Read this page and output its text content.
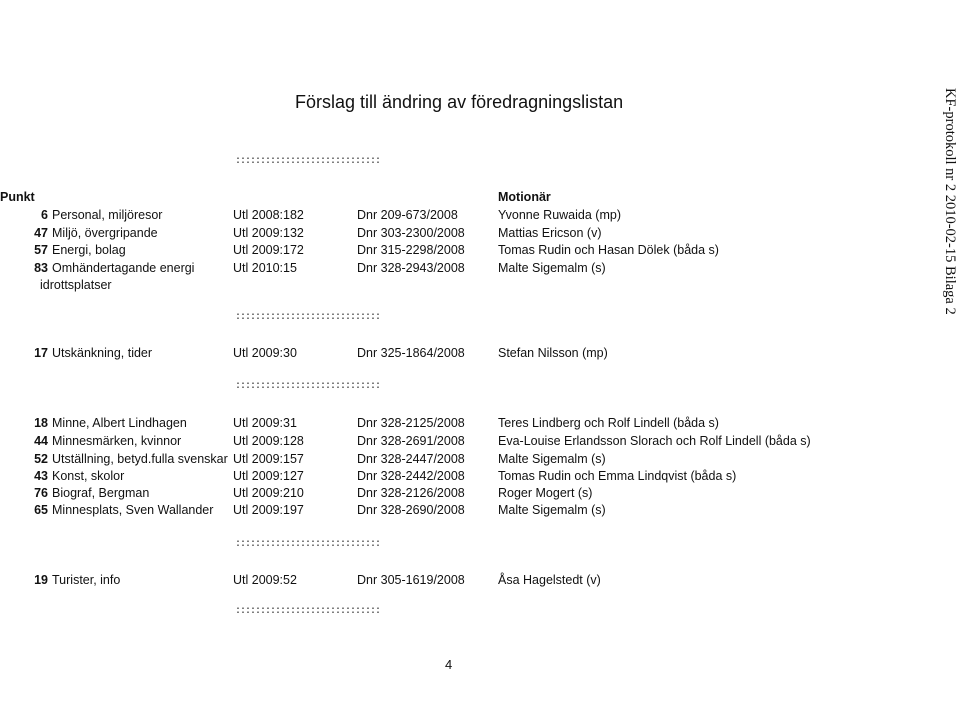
Förslag till ändring av föredragningslistan	KF-protokoll nr 2 2010-02-15 Bilaga 2
:::::::::::::::::::::::::::::
Punkt	Motionär
6 Personal, miljöresor	Utl 2008:182	Dnr 209-673/2008	Yvonne Ruwaida (mp)
47 Miljö, övergripande	Utl 2009:132	Dnr 303-2300/2008	Mattias Ericson (v)
57 Energi, bolag	Utl 2009:172	Dnr 315-2298/2008	Tomas Rudin och Hasan Dölek (båda s)
83 Omhändertagande energi
idrottsplatser
Utl 2010:15	Dnr 328-2943/2008	Malte Sigemalm (s)
:::::::::::::::::::::::::::::
17 Utskänkning, tider	Utl 2009:30	Dnr 325-1864/2008	Stefan Nilsson (mp)
:::::::::::::::::::::::::::::
18 Minne, Albert Lindhagen	Utl 2009:31	Dnr 328-2125/2008	Teres Lindberg och Rolf Lindell (båda s)
44 Minnesmärken, kvinnor	Utl 2009:128	Dnr 328-2691/2008	Eva-Louise Erlandsson Slorach och Rolf Lindell (båda s)
52 Utställning, betyd.fulla svenskar Utl 2009:157	Dnr 328-2447/2008	Malte Sigemalm (s)
43 Konst, skolor	Utl 2009:127	Dnr 328-2442/2008	Tomas Rudin och Emma Lindqvist (båda s)
76 Biograf, Bergman	Utl 2009:210	Dnr 328-2126/2008	Roger Mogert (s)
65 Minnesplats, Sven Wallander Utl 2009:197	Dnr 328-2690/2008	Malte Sigemalm (s)
:::::::::::::::::::::::::::::
19 Turister, info	Utl 2009:52	Dnr 305-1619/2008	Åsa Hagelstedt (v)
:::::::::::::::::::::::::::::
4
